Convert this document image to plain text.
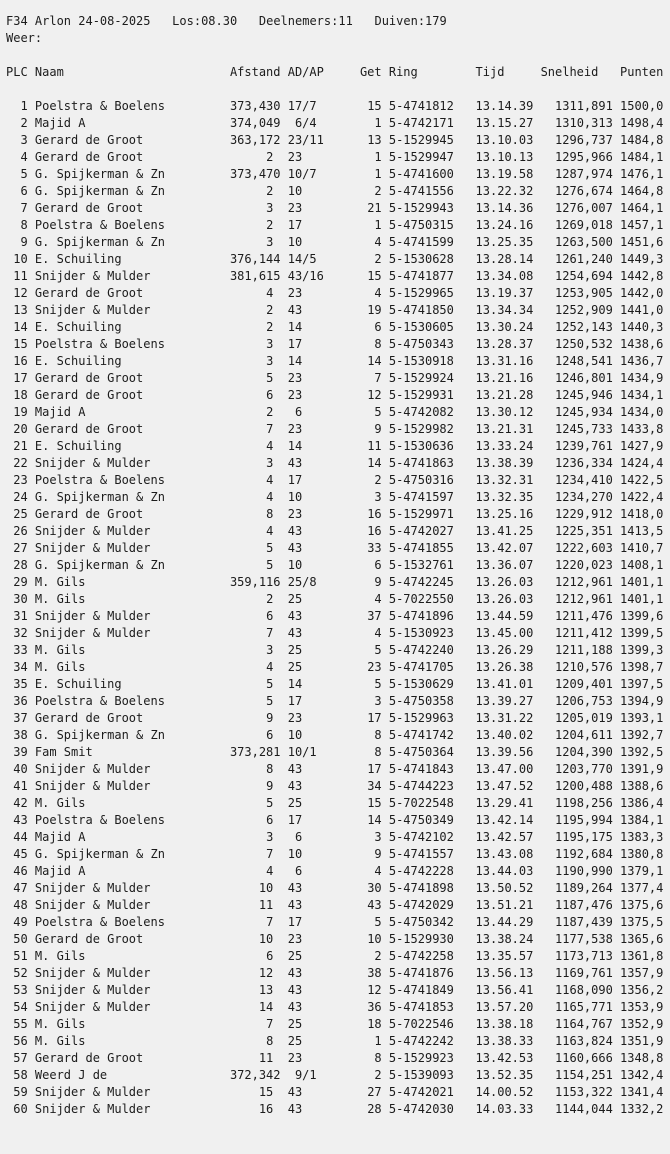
F34 Arlon 24-08-2025 Los:08.30 Deelnemers:11 Duiven:179
Weer:
PLC Naam	Afstand AD/AP	Get Ring	Tijd	Snelheid	Punten
1 Poelstra & Boelens	373,430 17/7	15 5-4741812 13.14.39	1311,891 1500,0
2 Majid A	374,049 6/4	1 5-4742171 13.15.27	1310,313 1498,4
3 Gerard de Groot	363,172 23/11	13 5-1529945 13.10.03	1296,737 1484,8
4 Gerard de Groot	2 23	1 5-1529947 13.10.13	1295,966 1484,1
5 G. Spijkerman & Zn	373,470 10/7	1 5-4741600 13.19.58	1287,974 1476,1
6 G. Spijkerman & Zn	2 10	2 5-4741556 13.22.32	1276,674 1464,8
7 Gerard de Groot	3 23	21 5-1529943 13.14.36	1276,007 1464,1
8 Poelstra & Boelens	2 17	1 5-4750315 13.24.16	1269,018 1457,1
9 G. Spijkerman & Zn	3 10	4 5-4741599 13.25.35	1263,500 1451,6
10 E. Schuiling	376,144 14/5	2 5-1530628 13.28.14	1261,240 1449,3
11 Snijder & Mulder	381,615 43/16	15 5-4741877 13.34.08	1254,694 1442,8
12 Gerard de Groot	4 23	4 5-1529965 13.19.37	1253,905 1442,0
13 Snijder & Mulder	2 43	19 5-4741850 13.34.34	1252,909 1441,0
14 E. Schuiling	2 14	6 5-1530605 13.30.24	1252,143 1440,3
15 Poelstra & Boelens	3 17	8 5-4750343 13.28.37	1250,532 1438,6
16 E. Schuiling	3 14	14 5-1530918 13.31.16	1248,541 1436,7
17 Gerard de Groot	5 23	7 5-1529924 13.21.16	1246,801 1434,9
18 Gerard de Groot	6 23	12 5-1529931 13.21.28	1245,946 1434,1
19 Majid A	2 6	5 5-4742082 13.30.12	1245,934 1434,0
20 Gerard de Groot	7 23	9 5-1529982 13.21.31	1245,733 1433,8
21 E. Schuiling	4 14	11 5-1530636 13.33.24	1239,761 1427,9
22 Snijder & Mulder	3 43	14 5-4741863 13.38.39	1236,334 1424,4
23 Poelstra & Boelens	4 17	2 5-4750316 13.32.31	1234,410 1422,5
24 G. Spijkerman & Zn	4 10	3 5-4741597 13.32.35	1234,270 1422,4
25 Gerard de Groot	8 23	16 5-1529971 13.25.16	1229,912 1418,0
26 Snijder & Mulder	4 43	16 5-4742027 13.41.25	1225,351 1413,5
27 Snijder & Mulder	5 43	33 5-4741855 13.42.07	1222,603 1410,7
28 G. Spijkerman & Zn	5 10	6 5-1532761 13.36.07	1220,023 1408,1
29 M. Gils	359,116 25/8	9 5-4742245 13.26.03	1212,961 1401,1
30 M. Gils	2 25	4 5-7022550 13.26.03	1212,961 1401,1
31 Snijder & Mulder	6 43	37 5-4741896 13.44.59	1211,476 1399,6
32 Snijder & Mulder	7 43	4 5-1530923 13.45.00	1211,412 1399,5
33 M. Gils	3 25	5 5-4742240 13.26.29	1211,188 1399,3
34 M. Gils	4 25	23 5-4741705 13.26.38	1210,576 1398,7
35 E. Schuiling	5 14	5 5-1530629 13.41.01	1209,401 1397,5
36 Poelstra & Boelens	5 17	3 5-4750358 13.39.27	1206,753 1394,9
37 Gerard de Groot	9 23	17 5-1529963 13.31.22	1205,019 1393,1
38 G. Spijkerman & Zn	6 10	8 5-4741742 13.40.02	1204,611 1392,7
39 Fam Smit	373,281 10/1	8 5-4750364 13.39.56	1204,390 1392,5
40 Snijder & Mulder	8 43	17 5-4741843 13.47.00	1203,770 1391,9
41 Snijder & Mulder	9 43	34 5-4744223 13.47.52	1200,488 1388,6
42 M. Gils	5 25	15 5-7022548 13.29.41	1198,256 1386,4
43 Poelstra & Boelens	6 17	14 5-4750349 13.42.14	1195,994 1384,1
44 Majid A	3 6	3 5-4742102 13.42.57	1195,175 1383,3
45 G. Spijkerman & Zn	7 10	9 5-4741557 13.43.08	1192,684 1380,8
46 Majid A	4 6	4 5-4742228 13.44.03	1190,990 1379,1
47 Snijder & Mulder	10 43	30 5-4741898 13.50.52	1189,264 1377,4
48 Snijder & Mulder	11 43	43 5-4742029 13.51.21	1187,476 1375,6
49 Poelstra & Boelens	7 17	5 5-4750342 13.44.29	1187,439 1375,5
50 Gerard de Groot	10 23	10 5-1529930 13.38.24	1177,538 1365,6
51 M. Gils	6 25	2 5-4742258 13.35.57	1173,713 1361,8
52 Snijder & Mulder	12 43	38 5-4741876 13.56.13	1169,761 1357,9
53 Snijder & Mulder	13 43	12 5-4741849 13.56.41	1168,090 1356,2
54 Snijder & Mulder	14 43	36 5-4741853 13.57.20	1165,771 1353,9
55 M. Gils	7 25	18 5-7022546 13.38.18	1164,767 1352,9
56 M. Gils	8 25	1 5-4742242 13.38.33	1163,824 1351,9
57 Gerard de Groot	11 23	8 5-1529923 13.42.53	1160,666 1348,8
58 Weerd J de	372,342 9/1	2 5-1539093 13.52.35	1154,251 1342,4
59 Snijder & Mulder	15 43	27 5-4742021 14.00.52	1153,322 1341,4
60 Snijder & Mulder	16 43	28 5-4742030 14.03.33	1144,044 1332,2
